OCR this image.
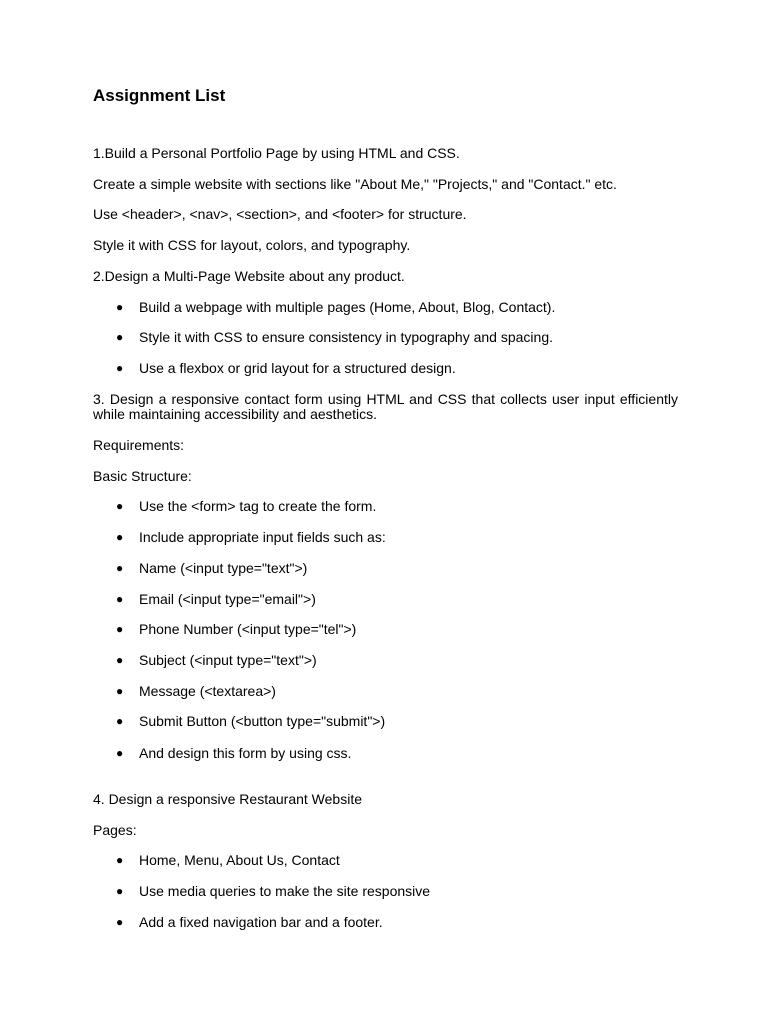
Assignment List
1.Build a Personal Portfolio Page by using HTML and CSS.
Create a simple website with sections like "About Me," "Projects," and "Contact." etc.
Use <header>, <nav>, <section>, and <footer> for structure.
Style it with CSS for layout, colors, and typography.
2.Design a Multi-Page Website about any product.
● Build a webpage with multiple pages (Home, About, Blog, Contact).
● Style it with CSS to ensure consistency in typography and spacing.
● Use a flexbox or grid layout for a structured design.
3. Design a responsive contact form using HTML and CSS that collects user input efficiently while maintaining accessibility and aesthetics.
Requirements:
Basic Structure:
● Use the <form> tag to create the form.
● Include appropriate input fields such as:
● Name (<input type="text">)
● Email (<input type="email">)
● Phone Number (<input type="tel">)
● Subject (<input type="text">)
● Message (<textarea>)
● Submit Button (<button type="submit">)
● And design this form by using css.
4. Design a responsive Restaurant Website
Pages:
● Home, Menu, About Us, Contact
● Use media queries to make the site responsive
● Add a fixed navigation bar and a footer.
